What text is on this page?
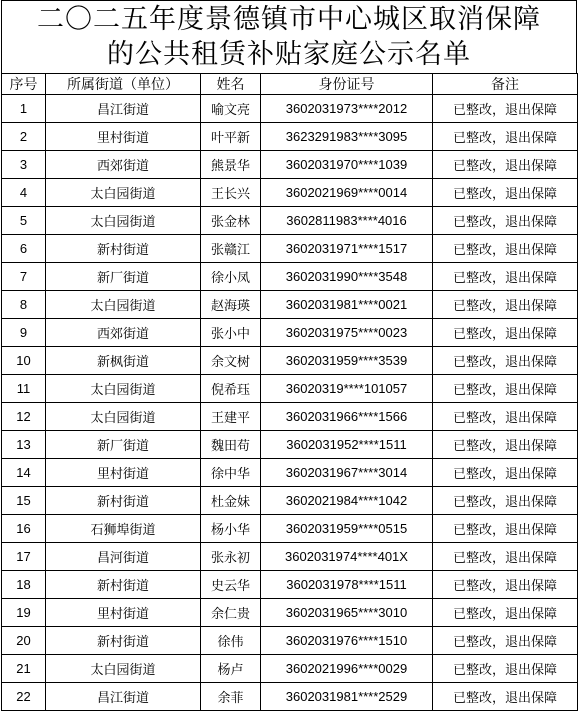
二〇二五年度景德镇市中心城区取消保障
的公共租赁补贴家庭公示名单
序号	所属街道（单位）	姓名	身份证号	备注
1	昌江街道	喻文亮	3602031973****2012	已整改，退出保障
2	里村街道	叶平新	3623291983****3095	已整改，退出保障
3	西郊街道	熊景华	3602031970****1039	已整改，退出保障
4	太白园街道	王长兴	3602021969****0014	已整改，退出保障
5	太白园街道	张金林	3602811983****4016	已整改，退出保障
6	新村街道	张赣江	3602031971****1517	已整改，退出保障
7	新厂街道	徐小凤	3602031990****3548	已整改，退出保障
8	太白园街道	赵海瑛	3602031981****0021	已整改，退出保障
9	西郊街道	张小中	3602031975****0023	已整改，退出保障
10	新枫街道	余文树	3602031959****3539	已整改，退出保障
11	太白园街道	倪希珏	36020319****101057	已整改，退出保障
12	太白园街道	王建平	3602031966****1566	已整改，退出保障
13	新厂街道	魏田苟	3602031952****1511	已整改，退出保障
14	里村街道	徐中华	3602031967****3014	已整改，退出保障
15	新村街道	杜金妹	3602021984****1042	已整改，退出保障
16	石狮埠街道	杨小华	3602031959****0515	已整改，退出保障
17	昌河街道	张永初	3602031974****401X	已整改，退出保障
18	新村街道	史云华	3602031978****1511	已整改，退出保障
19	里村街道	余仁贵	3602031965****3010	已整改，退出保障
20	新村街道	徐伟	3602031976****1510	已整改，退出保障
21	太白园街道	杨卢	3602021996****0029	已整改，退出保障
22	昌江街道	余菲	3602031981****2529	已整改，退出保障
